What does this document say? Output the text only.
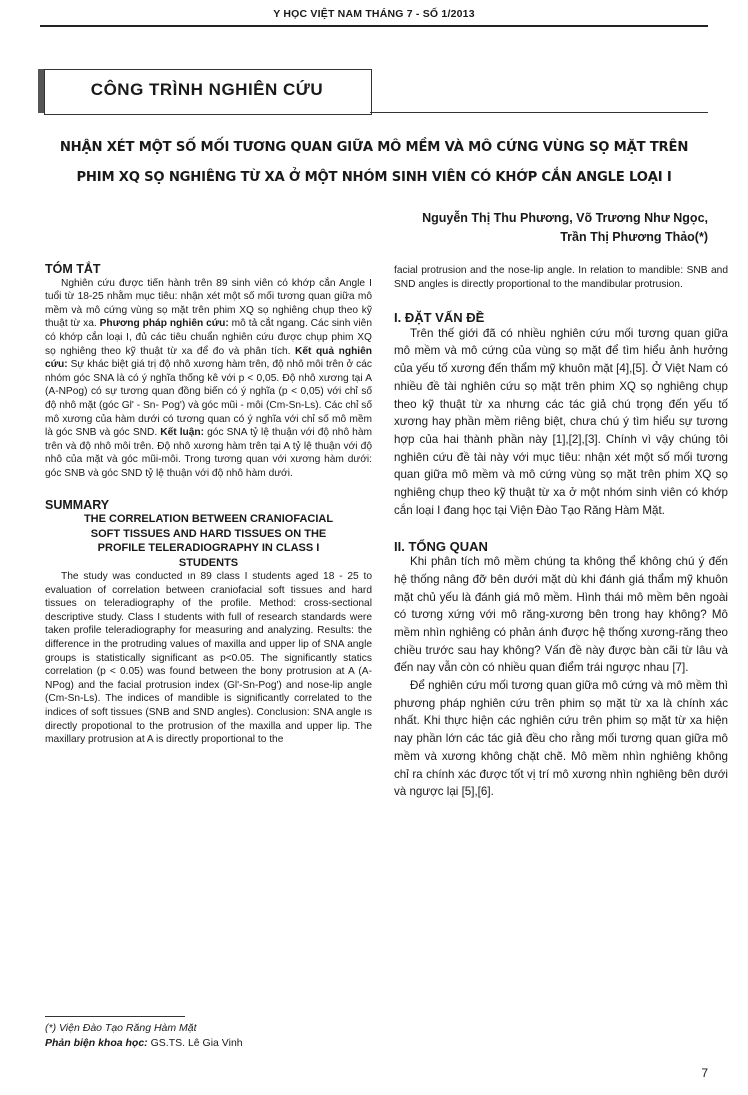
Y HỌC VIỆT NAM THÁNG 7 - SỐ 1/2013
CÔNG TRÌNH NGHIÊN CỨU
NHẬN XÉT MỘT SỐ MỐI TƯƠNG QUAN GIỮA MÔ MỀM VÀ MÔ CỨNG VÙNG SỌ MẶT TRÊN
PHIM XQ SỌ NGHIÊNG TỪ XA Ở MỘT NHÓM SINH VIÊN CÓ KHỚP CẮN ANGLE LOẠI I
Nguyễn Thị Thu Phương, Võ Trương Như Ngọc,
Trần Thị Phương Thảo(*)

TÓM TẮT

Nghiên cứu được tiến hành trên 89 sinh viên có khớp cắn Angle I tuổi từ 18-25 nhằm mục tiêu: nhận xét một số mối tương quan giữa mô mềm và mô cứng vùng sọ mặt trên phim XQ sọ nghiêng chụp theo kỹ thuật từ xa. Phương pháp nghiên cứu: mô tả cắt ngang. Các sinh viên có khớp cắn loại I, đủ các tiêu chuẩn nghiên cứu được chụp phim XQ sọ nghiêng theo kỹ thuật từ xa để đo và phân tích. Kết quả nghiên cứu: Sự khác biệt giá trị độ nhô xương hàm trên, độ nhô môi trên ở các nhóm góc SNA là có ý nghĩa thống kê với p < 0,05. Độ nhô xương tại A (A-NPog) có sự tương quan đồng biến có ý nghĩa (p < 0,05) với chỉ số độ nhô mặt (góc Gl' - Sn- Pog') và góc mũi - môi (Cm-Sn-Ls). Các chỉ số mô xương của hàm dưới có tương quan có ý nghĩa với chỉ số mô mềm là góc SNB và góc SND. Kết luận: góc SNA tỷ lệ thuận với độ nhô hàm trên và độ nhô môi trên. Độ nhô xương hàm trên tại A tỷ lệ thuận với độ nhô của mặt và góc mũi-môi. Trong tương quan với xương hàm dưới: góc SNB và góc SND tỷ lệ thuận với độ nhô hàm dưới.

SUMMARY

THE CORRELATION BETWEEN CRANIOFACIAL

SOFT TISSUES AND HARD TISSUES ON THE

PROFILE TELERADIOGRAPHY IN CLASS I

STUDENTS

The study was conducted ın 89 class I students aged 18 - 25 to evaluation of correlation between craniofacial soft tissues and hard tissues on teleradiography of the profile. Method: cross-sectional descriptive study. Class I students with full of research standards were taken profile teleradiography for measuring and analyzing. Results: the difference in the protruding values of maxilla and upper lip of SNA angle groups is statistically significant as p<0.05. The significantly statics correlation (p < 0.05) was found between the bony protrusion at A (A-NPog) and the facial protrusion index (Gl'-Sn-Pog') and nose-lip angle (Cm-Sn-Ls). The indices of mandible is significantly correlated to the indices of soft tissues (SNB and SND angles). Conclusion: SNA angle ıs directly propotional to the protrusion of the maxilla and upper lip. The maxillary protrusion at A is directly proportional to the

facial protrusion and the nose-lip angle. In relation to mandible: SNB and SND angles is directly proportional to the mandibular protrusion.

I. ĐẶT VẤN ĐỀ

Trên thế giới đã có nhiều nghiên cứu mối tương quan giữa mô mềm và mô cứng của vùng sọ mặt để tìm hiểu ảnh hưởng của yếu tố xương đến thẩm mỹ khuôn mặt [4],[5]. Ở Việt Nam có nhiều đề tài nghiên cứu sọ mặt trên phim XQ sọ nghiêng chụp theo kỹ thuật từ xa nhưng các tác giả chú trọng đến yếu tố xương hay phần mềm riêng biệt, chưa chú ý tìm hiểu sự tương hợp của hai thành phần này [1],[2],[3]. Chính vì vậy chúng tôi nghiên cứu đề tài này với mục tiêu: nhận xét một số mối tương quan giữa mô mềm và mô cứng vùng sọ mặt trên phim XQ sọ nghiêng chụp theo kỹ thuật từ xa ở một nhóm sinh viên có khớp cắn loại I đang học tại Viện Đào Tạo Răng Hàm Mặt.

II. TỔNG QUAN

Khi phân tích mô mềm chúng ta không thể không chú ý đến hệ thống nâng đỡ bên dưới mặt dù khi đánh giá thẩm mỹ khuôn mặt chủ yếu là đánh giá mô mềm. Hình thái mô mềm bên ngoài có tương xứng với mô răng-xương bên trong hay không? Mô mềm nhìn nghiêng có phản ánh được hệ thống xương-răng theo chiều trước sau hay không? Vấn đề này được bàn cãi từ lâu và đến nay vẫn còn có nhiều quan điểm trái ngược nhau [7].

Để nghiên cứu mối tương quan giữa mô cứng và mô mềm thì phương pháp nghiên cứu trên phim sọ mặt từ xa là chính xác nhất. Khi thực hiện các nghiên cứu trên phim sọ mặt từ xa hiện nay phần lớn các tác giả đều cho rằng mối tương quan giữa mô mềm và xương không chặt chẽ. Mô mềm nhìn nghiêng không chỉ ra chính xác được tốt vị trí mô xương nhìn nghiêng bên dưới và ngược lại [5],[6].

(*) Viện Đào Tạo Răng Hàm Mặt
Phản biện khoa học: GS.TS. Lê Gia Vinh
7
